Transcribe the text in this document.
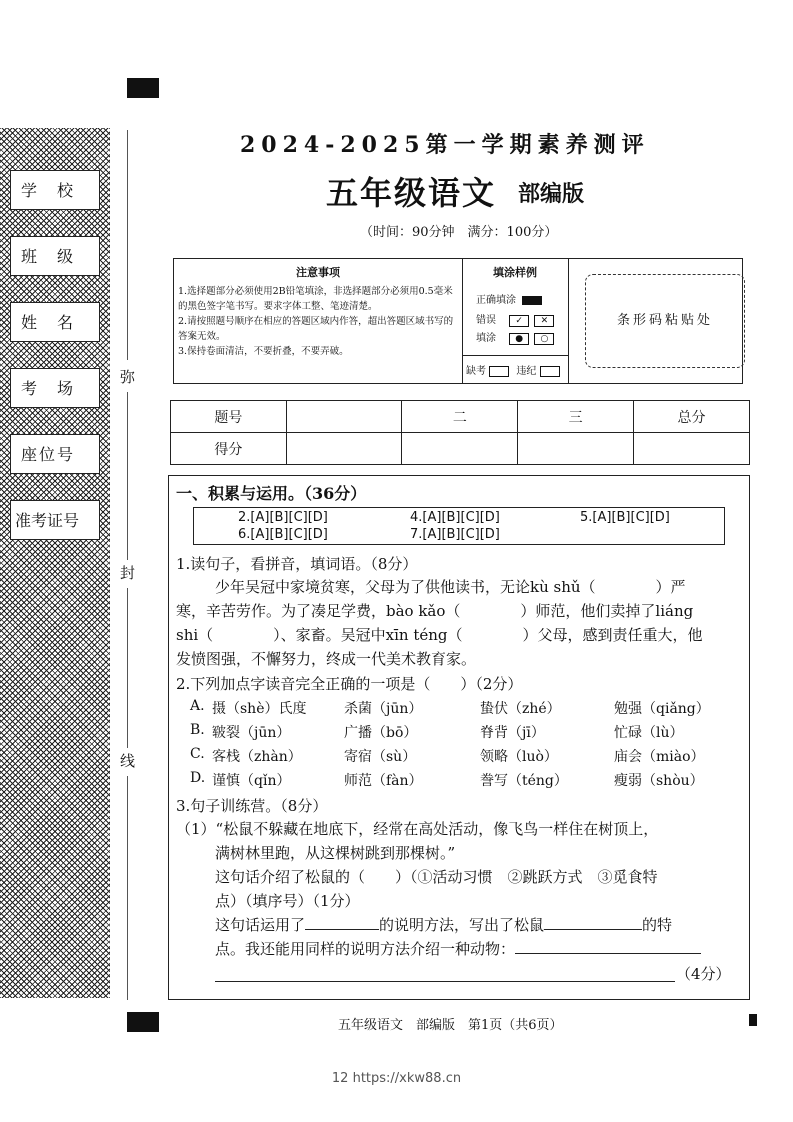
学　校
班　级
姓　名
考　场
座位号
准考证号
弥
封
线
2024-2025第一学期素养测评
五年级语文 部编版
（时间：90分钟　满分：100分）
注意事项

1.选择题部分必须使用2B铅笔填涂，非选择题部分必须用0.5毫米的黑色签字笔书写。要求字体工整、笔迹清楚。

2.请按照题号顺序在相应的答题区域内作答，超出答题区域书写的答案无效。

3.保持卷面清洁，不要折叠，不要弄破。

填涂样例
正确填涂
错误 ✓ ✕
填涂 ● ○
缺考	违纪
条形码粘贴处
题号		二	三	总分
得分				
一、积累与运用。（36分）
2.[A][B][C][D]	4.[A][B][C][D]	5.[A][B][C][D]
6.[A][B][C][D]	7.[A][B][C][D]
1.读句子，看拼音，填词语。（8分）
少年吴冠中家境贫寒，父母为了供他读书，无论kù shǔ（　　　　）严
寒，辛苦劳作。为了凑足学费，bào kǎo（　　　　）师范，他们卖掉了liáng
shi（　　　　）、家畜。吴冠中xīn téng（　　　　）父母，感到责任重大，他
发愤图强，不懈努力，终成一代美术教育家。
2.下列加点字读音完全正确的一项是（　　）（2分）
A. 摄（shè）氏度	杀菌（jūn）	蛰伏（zhé）	勉强（qiǎng）
B. 皲裂（jūn）	广播（bō）	脊背（jī）	忙碌（lù）
C. 客栈（zhàn）	寄宿（sù）	领略（luò）	庙会（miào）
D. 谨慎（qǐn）	师范（fàn）	誊写（téng）	瘦弱（shòu）
3.句子训练营。（8分）
（1）“松鼠不躲藏在地底下，经常在高处活动，像飞鸟一样住在树顶上，
满树林里跑，从这棵树跳到那棵树。”
这句话介绍了松鼠的（　　）（①活动习惯　②跳跃方式　③觅食特
点）（填序号）（1分）
这句话运用了	的说明方法，写出了松鼠	的特
点。我还能用同样的说明方法介绍一种动物：
（4分）
五年级语文　部编版　第1页（共6页）
12 https://xkw88.cn
